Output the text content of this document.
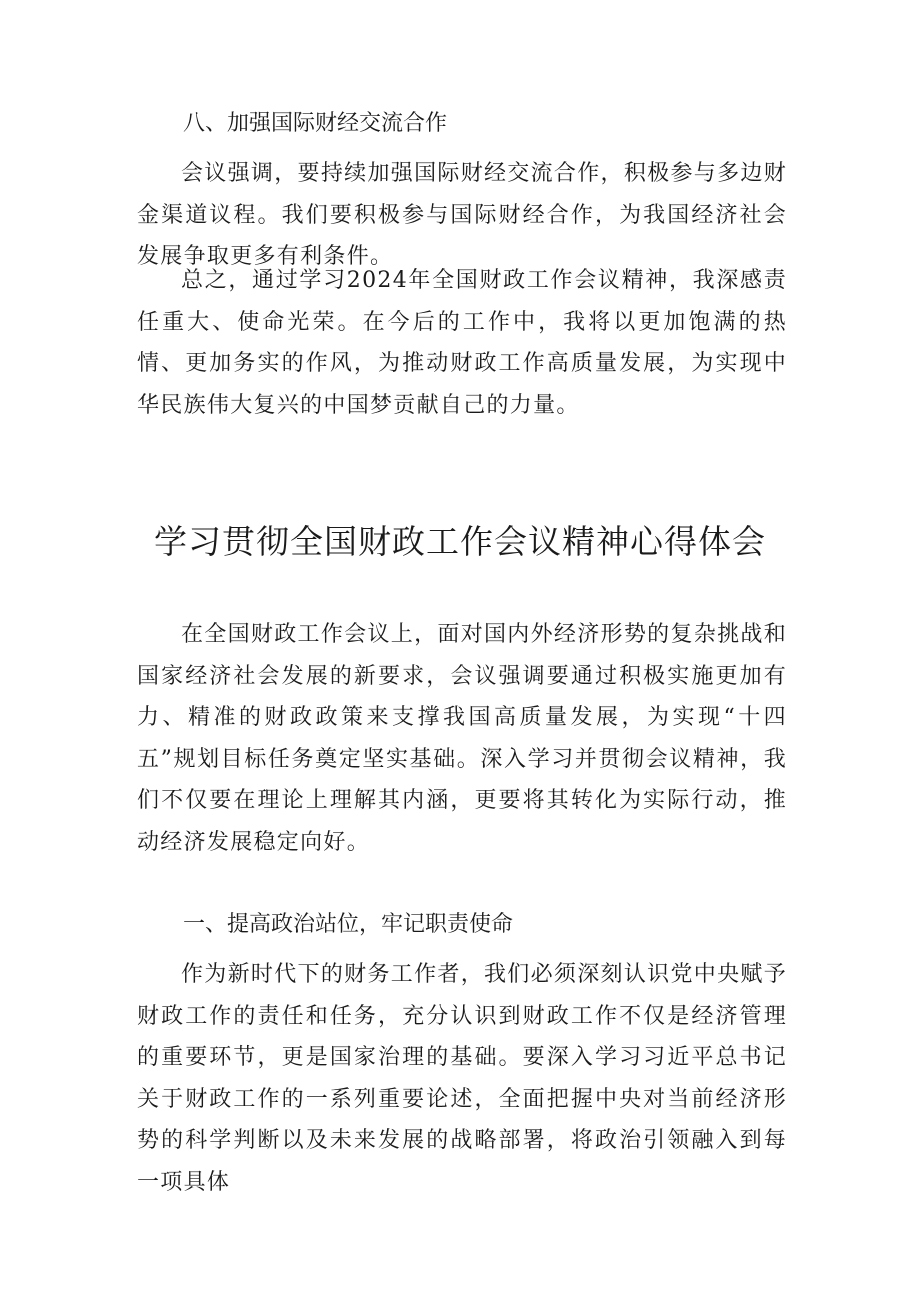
八、加强国际财经交流合作

会议强调，要持续加强国际财经交流合作，积极参与多边财金渠道议程。我们要积极参与国际财经合作，为我国经济社会发展争取更多有利条件。

总之，通过学习2024年全国财政工作会议精神，我深感责任重大、使命光荣。在今后的工作中，我将以更加饱满的热情、更加务实的作风，为推动财政工作高质量发展，为实现中华民族伟大复兴的中国梦贡献自己的力量。

学习贯彻全国财政工作会议精神心得体会

在全国财政工作会议上，面对国内外经济形势的复杂挑战和国家经济社会发展的新要求，会议强调要通过积极实施更加有力、精准的财政政策来支撑我国高质量发展，为实现“十四五”规划目标任务奠定坚实基础。深入学习并贯彻会议精神，我们不仅要在理论上理解其内涵，更要将其转化为实际行动，推动经济发展稳定向好。

一、提高政治站位，牢记职责使命

作为新时代下的财务工作者，我们必须深刻认识党中央赋予财政工作的责任和任务，充分认识到财政工作不仅是经济管理的重要环节，更是国家治理的基础。要深入学习习近平总书记关于财政工作的一系列重要论述，全面把握中央对当前经济形势的科学判断以及未来发展的战略部署，将政治引领融入到每一项具体
